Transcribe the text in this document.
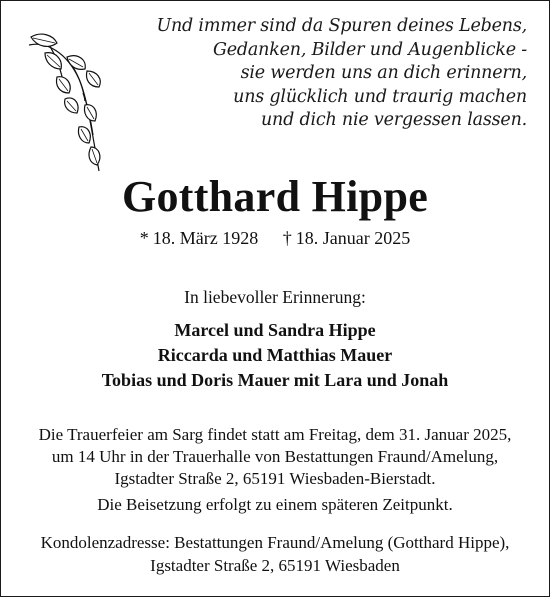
Und immer sind da Spuren deines Lebens,
Gedanken, Bilder und Augenblicke -
sie werden uns an dich erinnern,
uns glücklich und traurig machen
und dich nie vergessen lassen.
Gotthard Hippe
* 18. März 1928 † 18. Januar 2025
In liebevoller Erinnerung:
Marcel und Sandra Hippe
Riccarda und Matthias Mauer
Tobias und Doris Mauer mit Lara und Jonah
Die Trauerfeier am Sarg findet statt am Freitag, dem 31. Januar 2025,
um 14 Uhr in der Trauerhalle von Bestattungen Fraund/Amelung,
Igstadter Straße 2, 65191 Wiesbaden-Bierstadt.
Die Beisetzung erfolgt zu einem späteren Zeitpunkt.
Kondolenzadresse: Bestattungen Fraund/Amelung (Gotthard Hippe),
Igstadter Straße 2, 65191 Wiesbaden
